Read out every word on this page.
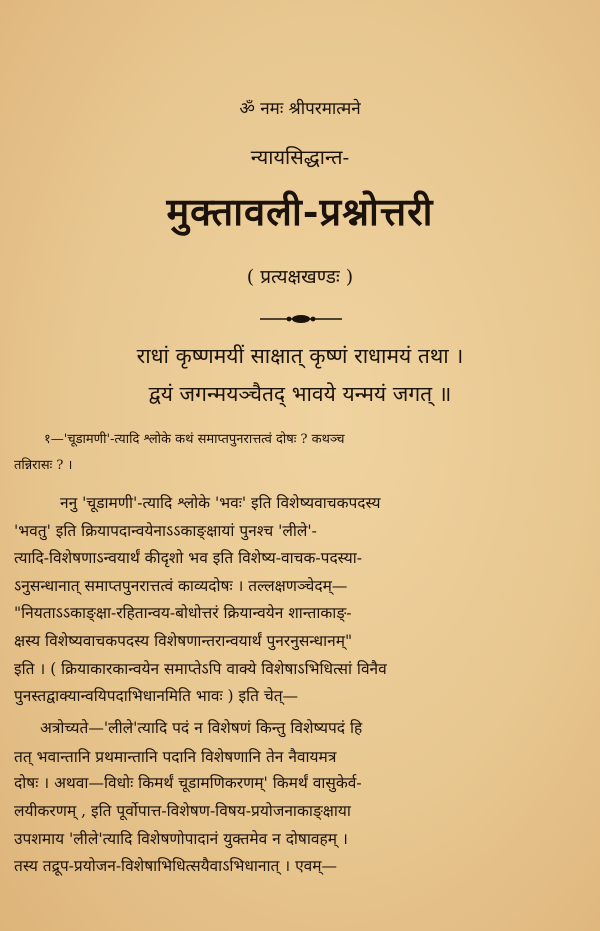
ॐ नमः श्रीपरमात्मने
न्यायसिद्धान्त-
मुक्तावली-प्रश्नोत्तरी
( प्रत्यक्षखण्डः )
राधां कृष्णमयीं साक्षात् कृष्णं राधामयं तथा ।
द्वयं जगन्मयञ्चैतद् भावये यन्मयं जगत् ॥
१—'चूडामणी'-त्यादि श्लोके कथं समाप्तपुनरात्तत्वं दोषः ? कथञ्च
तन्निरासः ? ।
ननु 'चूडामणी'-त्यादि श्लोके 'भवः' इति विशेष्यवाचकपदस्य
'भवतु' इति क्रियापदान्वयेनाऽऽकाङ्क्षायां पुनश्च 'लीले'-
त्यादि-विशेषणाऽन्वयार्थं कीदृशो भव इति विशेष्य-वाचक-पदस्या-
ऽनुसन्धानात् समाप्तपुनरात्तत्वं काव्यदोषः । तल्लक्षणञ्चेदम्—
"नियताऽऽकाङ्क्षा-रहितान्वय-बोधोत्तरं क्रियान्वयेन शान्ताकाङ्-
क्षस्य विशेष्यवाचकपदस्य विशेषणान्तरान्वयार्थं पुनरनुसन्धानम्"
इति । ( क्रियाकारकान्वयेन समाप्तेऽपि वाक्ये विशेषाऽभिधित्सां विनैव
पुनस्तद्वाक्यान्वयिपदाभिधानमिति भावः ) इति चेत्—
अत्रोच्यते—'लीले'त्यादि पदं न विशेषणं किन्तु विशेष्यपदं हि
तत् भवान्तानि प्रथमान्तानि पदानि विशेषणानि तेन नैवायमत्र
दोषः । अथवा—विधोः किमर्थं चूडामणिकरणम्' किमर्थं वासुकेर्व-
लयीकरणम् , इति पूर्वोपात्त-विशेषण-विषय-प्रयोजनाकाङ्क्षाया
उपशमाय 'लीले'त्यादि विशेषणोपादानं युक्तमेव न दोषावहम् ।
तस्य तद्रूप-प्रयोजन-विशेषाभिधित्सयैवाऽभिधानात् । एवम्—
